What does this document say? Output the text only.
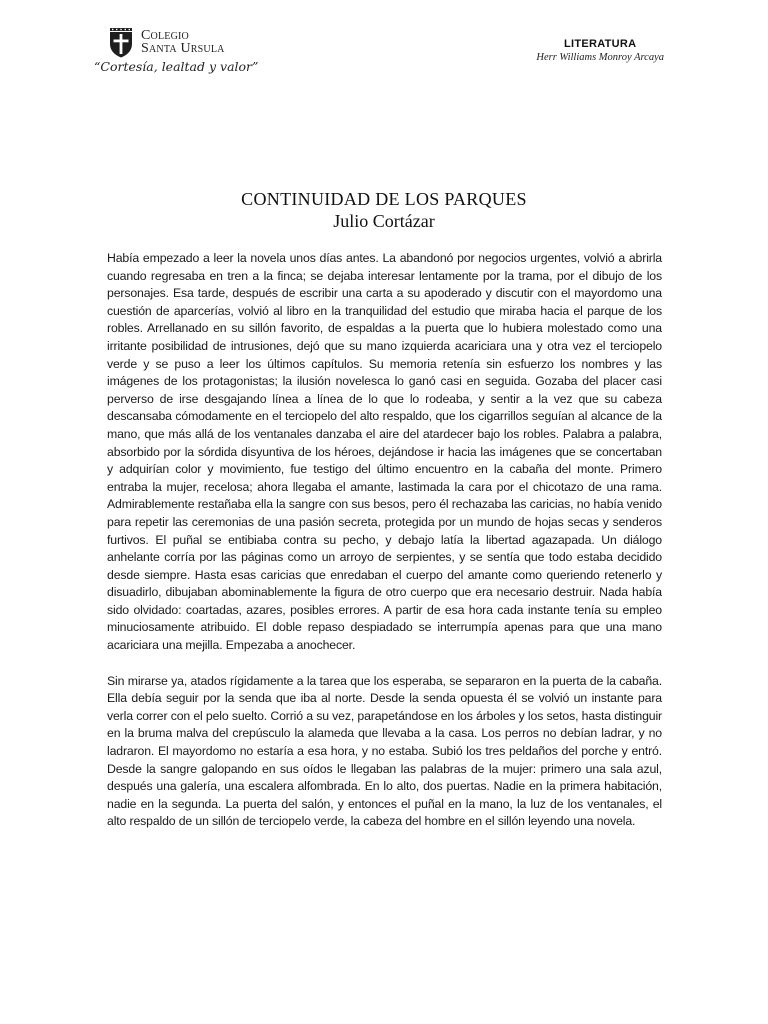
Colegio
Santa Ursula
“Cortesía, lealtad y valor”
LITERATURA
Herr Williams Monroy Arcaya
CONTINUIDAD DE LOS PARQUES
Julio Cortázar

Había empezado a leer la novela unos días antes. La abandonó por negocios urgentes, volvió a abrirla cuando regresaba en tren a la finca; se dejaba interesar lentamente por la trama, por el dibujo de los personajes. Esa tarde, después de escribir una carta a su apoderado y discutir con el mayordomo una cuestión de aparcerías, volvió al libro en la tranquilidad del estudio que miraba hacia el parque de los robles. Arrellanado en su sillón favorito, de espaldas a la puerta que lo hubiera molestado como una irritante posibilidad de intrusiones, dejó que su mano izquierda acariciara una y otra vez el terciopelo verde y se puso a leer los últimos capítulos. Su memoria retenía sin esfuerzo los nombres y las imágenes de los protagonistas; la ilusión novelesca lo ganó casi en seguida. Gozaba del placer casi perverso de irse desgajando línea a línea de lo que lo rodeaba, y sentir a la vez que su cabeza descansaba cómodamente en el terciopelo del alto respaldo, que los cigarrillos seguían al alcance de la mano, que más allá de los ventanales danzaba el aire del atardecer bajo los robles. Palabra a palabra, absorbido por la sórdida disyuntiva de los héroes, dejándose ir hacia las imágenes que se concertaban y adquirían color y movimiento, fue testigo del último encuentro en la cabaña del monte. Primero entraba la mujer, recelosa; ahora llegaba el amante, lastimada la cara por el chicotazo de una rama. Admirablemente restañaba ella la sangre con sus besos, pero él rechazaba las caricias, no había venido para repetir las ceremonias de una pasión secreta, protegida por un mundo de hojas secas y senderos furtivos. El puñal se entibiaba contra su pecho, y debajo latía la libertad agazapada. Un diálogo anhelante corría por las páginas como un arroyo de serpientes, y se sentía que todo estaba decidido desde siempre. Hasta esas caricias que enredaban el cuerpo del amante como queriendo retenerlo y disuadirlo, dibujaban abominablemente la figura de otro cuerpo que era necesario destruir. Nada había sido olvidado: coartadas, azares, posibles errores. A partir de esa hora cada instante tenía su empleo minuciosamente atribuido. El doble repaso despiadado se interrumpía apenas para que una mano acariciara una mejilla. Empezaba a anochecer.

Sin mirarse ya, atados rígidamente a la tarea que los esperaba, se separaron en la puerta de la cabaña. Ella debía seguir por la senda que iba al norte. Desde la senda opuesta él se volvió un instante para verla correr con el pelo suelto. Corrió a su vez, parapetándose en los árboles y los setos, hasta distinguir en la bruma malva del crepúsculo la alameda que llevaba a la casa. Los perros no debían ladrar, y no ladraron. El mayordomo no estaría a esa hora, y no estaba. Subió los tres peldaños del porche y entró. Desde la sangre galopando en sus oídos le llegaban las palabras de la mujer: primero una sala azul, después una galería, una escalera alfombrada. En lo alto, dos puertas. Nadie en la primera habitación, nadie en la segunda. La puerta del salón, y entonces el puñal en la mano, la luz de los ventanales, el alto respaldo de un sillón de terciopelo verde, la cabeza del hombre en el sillón leyendo una novela.
